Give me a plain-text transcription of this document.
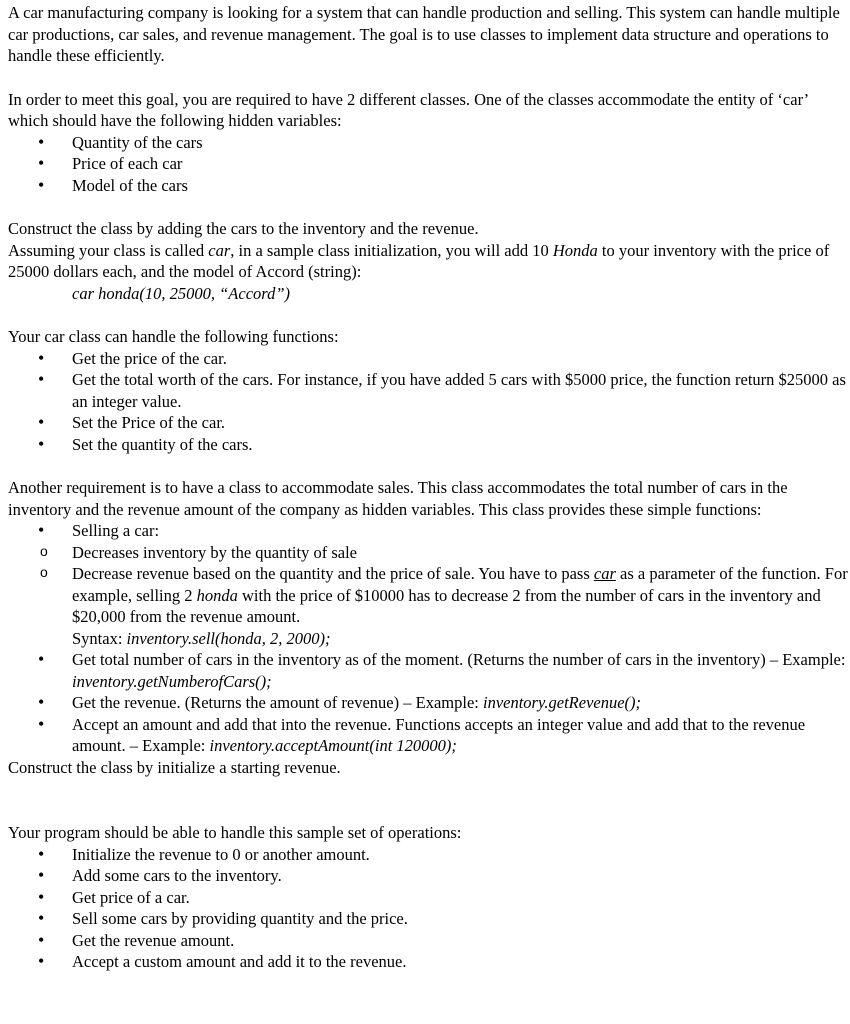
A car manufacturing company is looking for a system that can handle production and selling. This system can handle multiple car productions, car sales, and revenue management. The goal is to use classes to implement data structure and operations to handle these efficiently.

In order to meet this goal, you are required to have 2 different classes. One of the classes accommodate the entity of ‘car’ which should have the following hidden variables:

• Quantity of the cars
• Price of each car
• Model of the cars

Construct the class by adding the cars to the inventory and the revenue.

Assuming your class is called car, in a sample class initialization, you will add 10 Honda to your inventory with the price of 25000 dollars each, and the model of Accord (string):

car honda(10, 25000, “Accord”)

Your car class can handle the following functions:

• Get the price of the car.
• Get the total worth of the cars. For instance, if you have added 5 cars with $5000 price, the function return $25000 as an integer value.
• Set the Price of the car.
• Set the quantity of the cars.

Another requirement is to have a class to accommodate sales. This class accommodates the total number of cars in the inventory and the revenue amount of the company as hidden variables. This class provides these simple functions:

• Selling a car:
o Decreases inventory by the quantity of sale
o Decrease revenue based on the quantity and the price of sale. You have to pass car as a parameter of the function. For example, selling 2 honda with the price of $10000 has to decrease 2 from the number of cars in the inventory and $20,000 from the revenue amount.
Syntax: inventory.sell(honda, 2, 2000);
• Get total number of cars in the inventory as of the moment. (Returns the number of cars in the inventory) – Example: inventory.getNumberofCars();
• Get the revenue. (Returns the amount of revenue) – Example: inventory.getRevenue();
• Accept an amount and add that into the revenue. Functions accepts an integer value and add that to the revenue amount. – Example: inventory.acceptAmount(int 120000);

Construct the class by initialize a starting revenue.

Your program should be able to handle this sample set of operations:

• Initialize the revenue to 0 or another amount.
• Add some cars to the inventory.
• Get price of a car.
• Sell some cars by providing quantity and the price.
• Get the revenue amount.
• Accept a custom amount and add it to the revenue.
